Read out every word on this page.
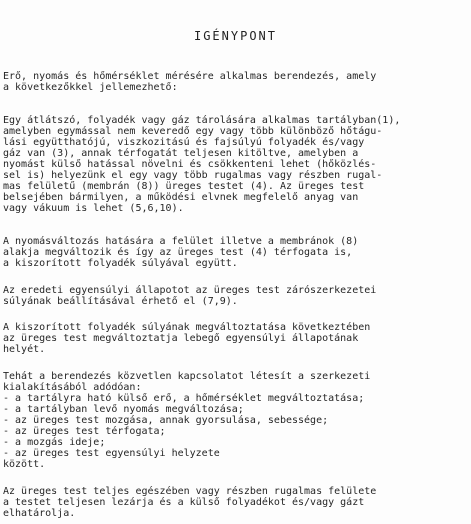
IGÉNYPONT
Erő, nyomás és hőmérséklet mérésére alkalmas berendezés, amely
a következőkkel jellemezhető:
Egy átlátszó, folyadék vagy gáz tárolására alkalmas tartályban(1),
amelyben egymással nem keveredő egy vagy több különböző hőtágu-
lási együtthatójú, viszkozitású és fajsúlyú folyadék és/vagy
gáz van (3), annak térfogatát teljesen kitöltve, amelyben a
nyomást külső hatással növelni és csökkenteni lehet (hőközlés-
sel is) helyezünk el egy vagy több rugalmas vagy részben rugal-
mas felületű (membrán (8)) üreges testet (4). Az üreges test
belsejében bármilyen, a működési elvnek megfelelő anyag van
vagy vákuum is lehet (5,6,10).
A nyomásváltozás hatására a felület illetve a membránok (8)
alakja megváltozik és így az üreges test (4) térfogata is,
a kiszorított folyadék súlyával együtt.
Az eredeti egyensúlyi állapotot az üreges test zárószerkezetei
súlyának beállításával érhető el (7,9).
A kiszorított folyadék súlyának megváltoztatása következtében
az üreges test megváltoztatja lebegő egyensúlyi állapotának
helyét.
Tehát a berendezés közvetlen kapcsolatot létesít a szerkezeti
kialakításából adódóan:
- a tartályra ható külső erő, a hőmérséklet megváltoztatása;
- a tartályban levő nyomás megváltozása;
- az üreges test mozgása, annak gyorsulása, sebessége;
- az üreges test térfogata;
- a mozgás ideje;
- az üreges test egyensúlyi helyzete
között.
Az üreges test teljes egészében vagy részben rugalmas felülete
a testet teljesen lezárja és a külső folyadékot és/vagy gázt
elhatárolja.
